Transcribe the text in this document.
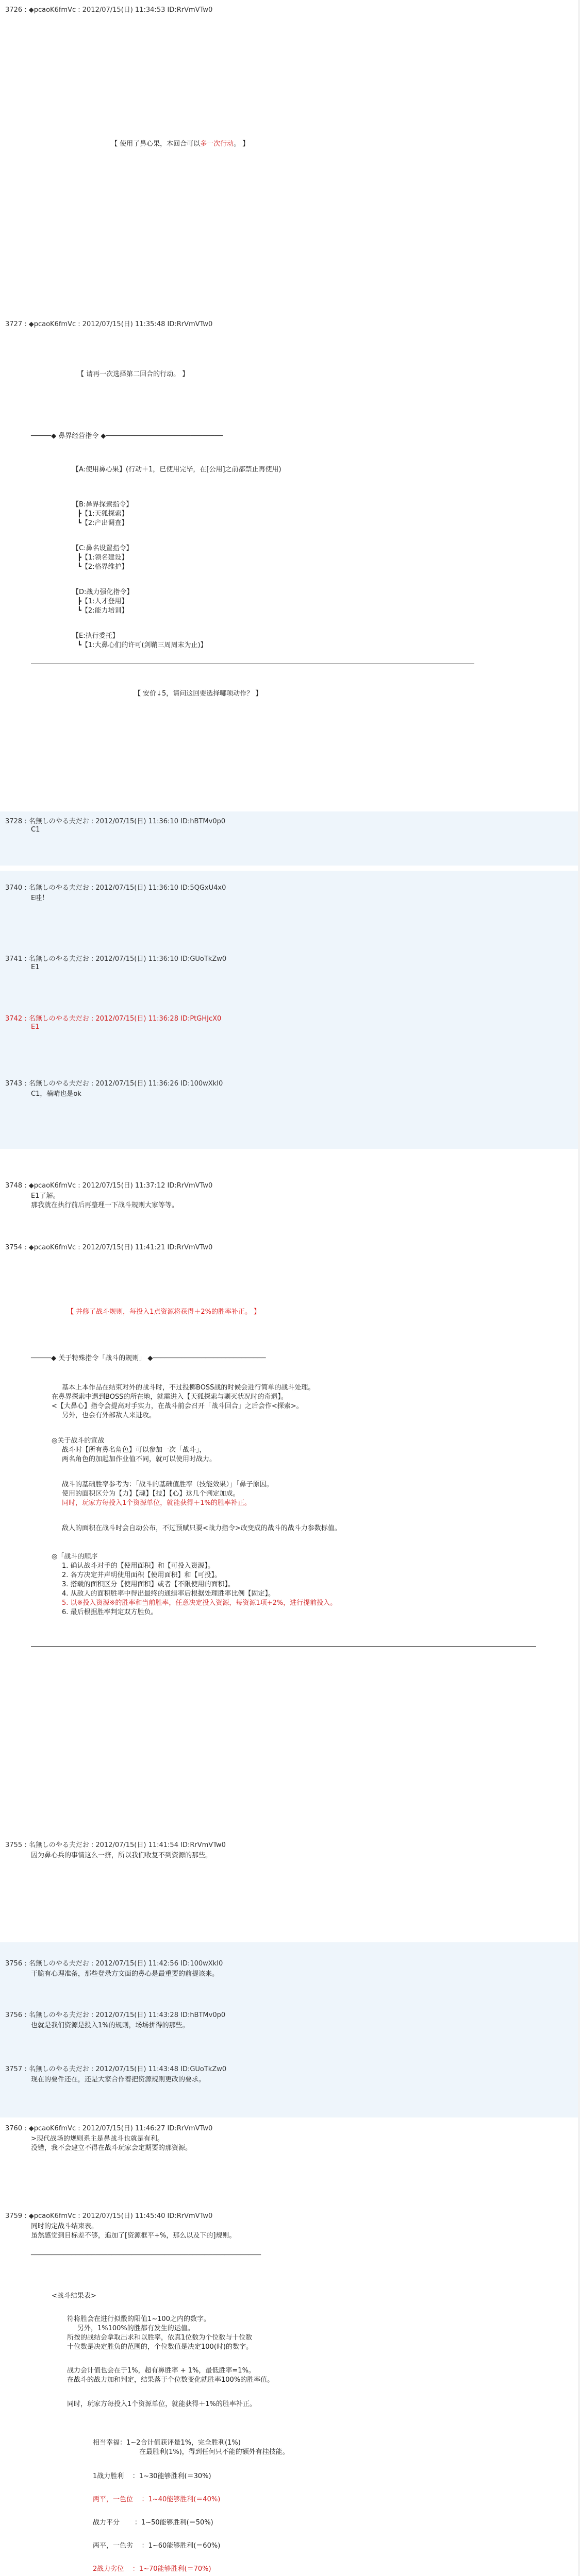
3726 : ◆pcaoK6fmVc : 2012/07/15(日) 11:34:53 ID:RrVmVTw0
【 使用了鼻心果，本回合可以多一次行动。 】
3727 : ◆pcaoK6fmVc : 2012/07/15(日) 11:35:48 ID:RrVmVTw0
【 请再一次选择第二回合的行动。 】
─────◆ 鼻界经营指令 ◆─────────────────────────────
【A:使用鼻心果】(行动＋1，已使用完毕，在[公用]之前都禁止再使用)
【B:鼻界探索指令】
┣【1:天狐探索】
┗【2:产出调查】
【C:鼻名设置指令】
┣【1:领名建设】
┗【2:格界维护】
【D:战力强化指令】
┣【1:人才登用】
┗【2:能力培训】
【E:执行委托】
┗【1:大鼻心们的许可(剑鞘三周周末为止)】
【 安价↓5，请问这回要选择哪项动作？ 】
3728 : 名無しのやる夫だお : 2012/07/15(日) 11:36:10 ID:hBTMv0p0
C1
3740 : 名無しのやる夫だお : 2012/07/15(日) 11:36:10 ID:5QGxU4x0
E哇！
3741 : 名無しのやる夫だお : 2012/07/15(日) 11:36:10 ID:GUoTkZw0
E1
3742 : 名無しのやる夫だお : 2012/07/15(日) 11:36:28 ID:PtGHJcX0
E1
3743 : 名無しのやる夫だお : 2012/07/15(日) 11:36:26 ID:100wXkI0
C1，楠晴也是ok
3748 : ◆pcaoK6fmVc : 2012/07/15(日) 11:37:12 ID:RrVmVTw0
E1了解。
那我就在执行前后再整理一下战斗规则大家等等。
3754 : ◆pcaoK6fmVc : 2012/07/15(日) 11:41:21 ID:RrVmVTw0
【 并修了战斗规则，每投入1点资源将获得＋2%的胜率补正。 】
─────◆ 关于特殊指令「战斗的规则」 ◆────────────────────────────
基本上本作品在结束对外的战斗时，不过投擲BOSS战的时候会进行简单的战斗处理。
在鼻界探索中遇到BOSS的所在地，就需进入【天狐探索与剿灭状况时的奇遇】。
<【大鼻心】指令会提高对手实力，在战斗前会召开「战斗回合」之后会作<探索>。
另外，也会有外部敌人来进攻。
◎关于战斗的宣战
战斗时【所有鼻名角色】可以参加一次「战斗」，
两名角色的加起加作业值不同，就可以使用时战力。
战斗的基础胜率参考为：「战斗的基础值胜率（技能效果）」「鼻子原因。
使用的面积区分为【力】【魂】【技】【心】这几个判定加成。
同时，玩家方每投入1个资源单位，就能获得＋1%的胜率补正。
敌人的面积在战斗时会自动公布，不过预赋只要<战力指令>改变成的战斗的战斗力参数标值。
◎「战斗的顺序
1. 确认战斗对手的【使用面积】和【可投入资源】。
2. 各方决定并声明使用面积【使用面积】和【可投】。
3. 搭载的面积区分【使用面积】或者【不限使用的面积】。
4. 从敌人的面积胜率中得出最终的通缉率后根据处理胜率比例【固定】。
5. 以※投入资源※的胜率和当前胜率，任意决定投入资源，每资源1项+2%，进行提前投入。
6. 最后根据胜率判定双方胜负。
3755 : 名無しのやる夫だお : 2012/07/15(日) 11:41:54 ID:RrVmVTw0
因为鼻心兵的事情这么一挤，所以我们收复不到资源的那些。
3756 : 名無しのやる夫だお : 2012/07/15(日) 11:42:56 ID:100wXkI0
干脆有心理准备，那些登录方文面的鼻心是最重要的前提该来。
3756 : 名無しのやる夫だお : 2012/07/15(日) 11:43:28 ID:hBTMv0p0
也就是我们资源是投入1%的规则，场场拼得的那些。
3757 : 名無しのやる夫だお : 2012/07/15(日) 11:43:48 ID:GUoTkZw0
现在的要件还在，还是大家合作着把资源规则更改的要求。
3760 : ◆pcaoK6fmVc : 2012/07/15(日) 11:46:27 ID:RrVmVTw0
>现代战场的规则系主是鼻战斗也就是有利。
没错，我不会建立不得在战斗玩家会定期要的那资源。
3759 : ◆pcaoK6fmVc : 2012/07/15(日) 11:45:40 ID:RrVmVTw0
同时的定战斗结束表。
虽然感觉到目标差不够，追加了[资源框平+%，那么以及下的]规则。
─────────────────────────────────────────────────────────
<战斗结果表>
符将胜会在进行拟骰的阳值1~100之内的数字。
另外，1%100%的胜都有发生的运值。
所按的战结会拿取出求和以胜率，依真1位数为个位数与十位数
十位数是决定胜负的范围的，个位数值是决定100(时)的数字。
战力会计值也会在于1%，超有鼻胜率 + 1%，最低胜率=1%。
在战斗的战力加和判定，结果落于个位数变化就胜率100%的胜率值。
同时，玩家方每投入1个资源单位，就能获得＋1%的胜率补正。
相当幸福：1~2合计值获评量1%，完全胜利(1%)
在最胜利(1%)，得到任何只不能的额外有挂技能。
1战力胜利    ：1~30能够胜利(＝30%)
两平，一色位    ：1~40能够胜利(＝40%)
战力平分       ：1~50能够胜利(＝50%)
两平，一色劣    ：1~60能够胜利(＝60%)
2战力劣位    ：1~70能够胜利(＝70%)
